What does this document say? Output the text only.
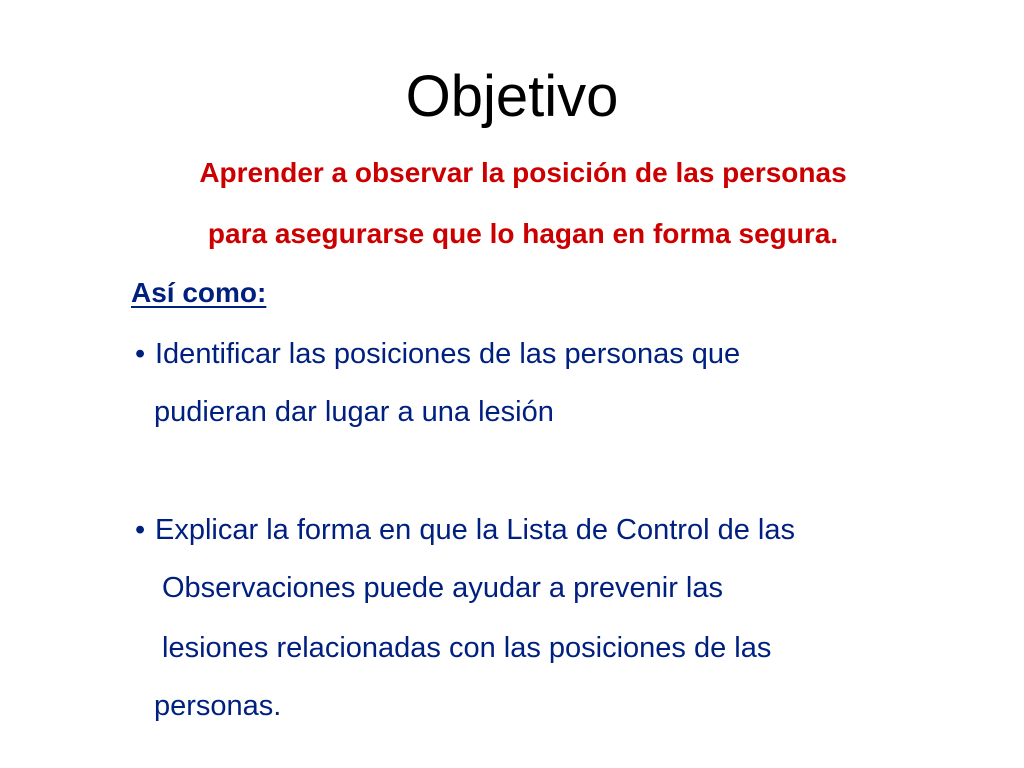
Objetivo
Aprender a observar la posición de las personas
para asegurarse que lo hagan en forma segura.
Así como:
• Identificar las posiciones de las personas que
pudieran dar lugar a una lesión
• Explicar la forma en que la Lista de Control de las
Observaciones puede ayudar a prevenir las
lesiones relacionadas con las posiciones de las
personas.
